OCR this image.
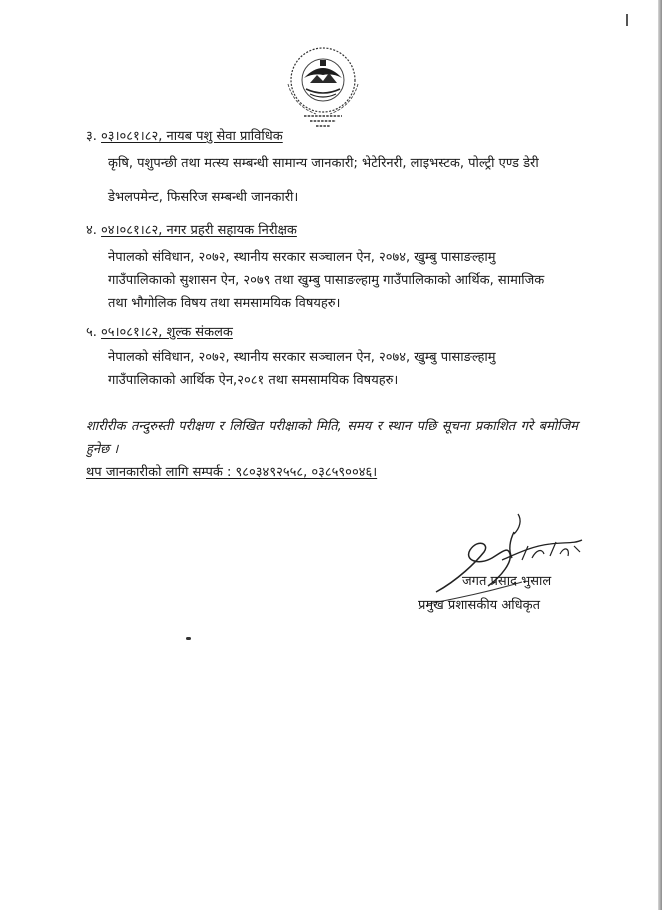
३. ०३।०८१।८२, नायब पशु सेवा प्राविधिक

कृषि, पशुपन्छी तथा मत्स्य सम्बन्धी सामान्य जानकारी; भेटेरिनरी, लाइभस्टक, पोल्ट्री एण्ड डेरी

डेभलपमेन्ट, फिसरिज सम्बन्धी जानकारी।

४. ०४।०८१।८२, नगर प्रहरी सहायक निरीक्षक

नेपालको संविधान, २०७२, स्थानीय सरकार सञ्चालन ऐन, २०७४, खुम्बु पासाङल्हामु

गाउँपालिकाको सुशासन ऐन, २०७९ तथा खुम्बु पासाङल्हामु गाउँपालिकाको आर्थिक, सामाजिक

तथा भौगोलिक विषय तथा समसामयिक विषयहरु।

५. ०५।०८१।८२, शुल्क संकलक

नेपालको संविधान, २०७२, स्थानीय सरकार सञ्चालन ऐन, २०७४, खुम्बु पासाङल्हामु

गाउँपालिकाको आर्थिक ऐन,२०८१ तथा समसामयिक विषयहरु।

शारीरीक तन्दुरुस्ती परीक्षण र लिखित परीक्षाको मिति, समय र स्थान पछि सूचना प्रकाशित गरे बमोजिम हुनेछ ।

थप जानकारीको लागि सम्पर्क : ९८०३४९२५५८, ०३८५९००४६।
जगत प्रसाद भुसाल
प्रमुख प्रशासकीय अधिकृत
